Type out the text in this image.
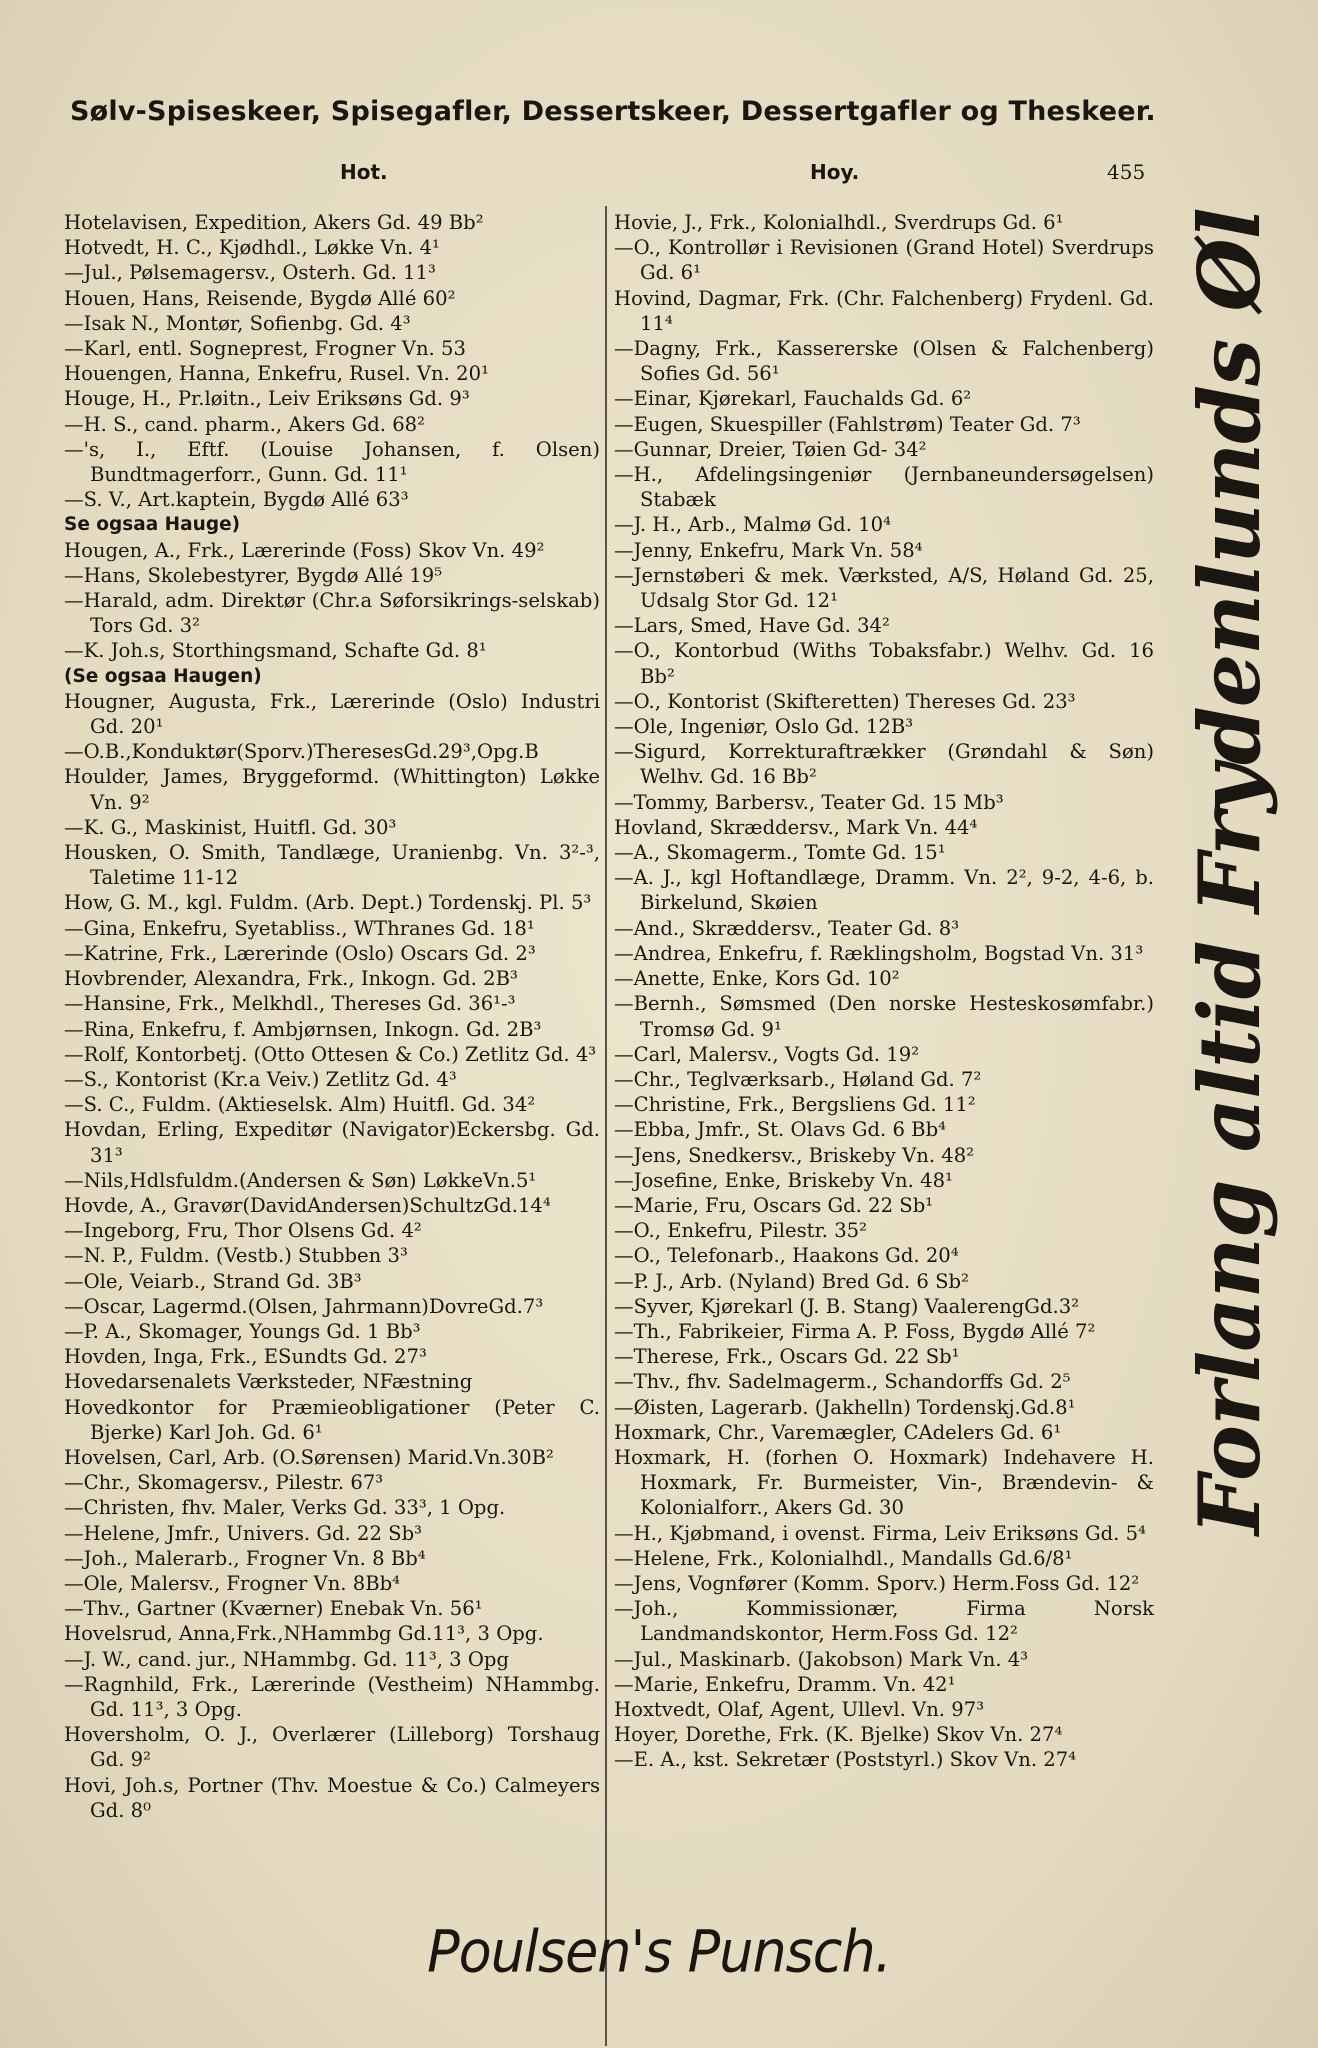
Sølv-Spiseskeer, Spisegafler, Dessertskeer, Dessertgafler og Theskeer.
Hot.	Hoy.	455
Hotelavisen, Expedition, Akers Gd. 49 Bb²
Hotvedt, H. C., Kjødhdl., Løkke Vn. 4¹
—Jul., Pølsemagersv., Osterh. Gd. 11³
Houen, Hans, Reisende, Bygdø Allé 60²
—Isak N., Montør, Sofienbg. Gd. 4³
—Karl, entl. Sogneprest, Frogner Vn. 53
Houengen, Hanna, Enkefru, Rusel. Vn. 20¹
Houge, H., Pr.løitn., Leiv Eriksøns Gd. 9³
—H. S., cand. pharm., Akers Gd. 68²
—'s, I., Eftf. (Louise Johansen, f. Olsen) Bundtmagerforr., Gunn. Gd. 11¹
—S. V., Art.kaptein, Bygdø Allé 63³
Se ogsaa Hauge)
Hougen, A., Frk., Lærerinde (Foss) Skov Vn. 49²
—Hans, Skolebestyrer, Bygdø Allé 19⁵
—Harald, adm. Direktør (Chr.a Søforsikrings-selskab) Tors Gd. 3²
—K. Joh.s, Storthingsmand, Schafte Gd. 8¹
(Se ogsaa Haugen)
Hougner, Augusta, Frk., Lærerinde (Oslo) Industri Gd. 20¹
—O.B.,Konduktør(Sporv.)TheresesGd.29³,Opg.B
Houlder, James, Bryggeformd. (Whittington) Løkke Vn. 9²
—K. G., Maskinist, Huitfl. Gd. 30³
Housken, O. Smith, Tandlæge, Uranienbg. Vn. 3²-³, Taletime 11-12
How, G. M., kgl. Fuldm. (Arb. Dept.) Tordenskj. Pl. 5³
—Gina, Enkefru, Syetabliss., WThranes Gd. 18¹
—Katrine, Frk., Lærerinde (Oslo) Oscars Gd. 2³
Hovbrender, Alexandra, Frk., Inkogn. Gd. 2B³
—Hansine, Frk., Melkhdl., Thereses Gd. 36¹-³
—Rina, Enkefru, f. Ambjørnsen, Inkogn. Gd. 2B³
—Rolf, Kontorbetj. (Otto Ottesen & Co.) Zetlitz Gd. 4³
—S., Kontorist (Kr.a Veiv.) Zetlitz Gd. 4³
—S. C., Fuldm. (Aktieselsk. Alm) Huitfl. Gd. 34²
Hovdan, Erling, Expeditør (Navigator)Eckersbg. Gd. 31³
—Nils,Hdlsfuldm.(Andersen & Søn) LøkkeVn.5¹
Hovde, A., Gravør(DavidAndersen)SchultzGd.14⁴
—Ingeborg, Fru, Thor Olsens Gd. 4²
—N. P., Fuldm. (Vestb.) Stubben 3³
—Ole, Veiarb., Strand Gd. 3B³
—Oscar, Lagermd.(Olsen, Jahrmann)DovreGd.7³
—P. A., Skomager, Youngs Gd. 1 Bb³
Hovden, Inga, Frk., ESundts Gd. 27³
Hovedarsenalets Værksteder, NFæstning
Hovedkontor for Præmieobligationer (Peter C. Bjerke) Karl Joh. Gd. 6¹
Hovelsen, Carl, Arb. (O.Sørensen) Marid.Vn.30B²
—Chr., Skomagersv., Pilestr. 67³
—Christen, fhv. Maler, Verks Gd. 33³, 1 Opg.
—Helene, Jmfr., Univers. Gd. 22 Sb³
—Joh., Malerarb., Frogner Vn. 8 Bb⁴
—Ole, Malersv., Frogner Vn. 8Bb⁴
—Thv., Gartner (Kværner) Enebak Vn. 56¹
Hovelsrud, Anna,Frk.,NHammbg Gd.11³, 3 Opg.
—J. W., cand. jur., NHammbg. Gd. 11³, 3 Opg
—Ragnhild, Frk., Lærerinde (Vestheim) NHammbg. Gd. 11³, 3 Opg.
Hoversholm, O. J., Overlærer (Lilleborg) Torshaug Gd. 9²
Hovi, Joh.s, Portner (Thv. Moestue & Co.) Calmeyers Gd. 8⁰
Hovie, J., Frk., Kolonialhdl., Sverdrups Gd. 6¹
—O., Kontrollør i Revisionen (Grand Hotel) Sverdrups Gd. 6¹
Hovind, Dagmar, Frk. (Chr. Falchenberg) Frydenl. Gd. 11⁴
—Dagny, Frk., Kassererske (Olsen & Falchenberg) Sofies Gd. 56¹
—Einar, Kjørekarl, Fauchalds Gd. 6²
—Eugen, Skuespiller (Fahlstrøm) Teater Gd. 7³
—Gunnar, Dreier, Tøien Gd- 34²
—H., Afdelingsingeniør (Jernbaneundersøgelsen) Stabæk
—J. H., Arb., Malmø Gd. 10⁴
—Jenny, Enkefru, Mark Vn. 58⁴
—Jernstøberi & mek. Værksted, A/S, Høland Gd. 25, Udsalg Stor Gd. 12¹
—Lars, Smed, Have Gd. 34²
—O., Kontorbud (Withs Tobaksfabr.) Welhv. Gd. 16 Bb²
—O., Kontorist (Skifteretten) Thereses Gd. 23³
—Ole, Ingeniør, Oslo Gd. 12B³
—Sigurd, Korrekturaftrækker (Grøndahl & Søn) Welhv. Gd. 16 Bb²
—Tommy, Barbersv., Teater Gd. 15 Mb³
Hovland, Skræddersv., Mark Vn. 44⁴
—A., Skomagerm., Tomte Gd. 15¹
—A. J., kgl Hoftandlæge, Dramm. Vn. 2², 9-2, 4-6, b. Birkelund, Skøien
—And., Skræddersv., Teater Gd. 8³
—Andrea, Enkefru, f. Ræklingsholm, Bogstad Vn. 31³
—Anette, Enke, Kors Gd. 10²
—Bernh., Sømsmed (Den norske Hesteskosømfabr.) Tromsø Gd. 9¹
—Carl, Malersv., Vogts Gd. 19²
—Chr., Teglværksarb., Høland Gd. 7²
—Christine, Frk., Bergsliens Gd. 11²
—Ebba, Jmfr., St. Olavs Gd. 6 Bb⁴
—Jens, Snedkersv., Briskeby Vn. 48²
—Josefine, Enke, Briskeby Vn. 48¹
—Marie, Fru, Oscars Gd. 22 Sb¹
—O., Enkefru, Pilestr. 35²
—O., Telefonarb., Haakons Gd. 20⁴
—P. J., Arb. (Nyland) Bred Gd. 6 Sb²
—Syver, Kjørekarl (J. B. Stang) VaalerengGd.3²
—Th., Fabrikeier, Firma A. P. Foss, Bygdø Allé 7²
—Therese, Frk., Oscars Gd. 22 Sb¹
—Thv., fhv. Sadelmagerm., Schandorffs Gd. 2⁵
—Øisten, Lagerarb. (Jakhelln) Tordenskj.Gd.8¹
Hoxmark, Chr., Varemægler, CAdelers Gd. 6¹
Hoxmark, H. (forhen O. Hoxmark) Indehavere H. Hoxmark, Fr. Burmeister, Vin-, Brændevin- & Kolonialforr., Akers Gd. 30
—H., Kjøbmand, i ovenst. Firma, Leiv Eriksøns Gd. 5⁴
—Helene, Frk., Kolonialhdl., Mandalls Gd.6/8¹
—Jens, Vognfører (Komm. Sporv.) Herm.Foss Gd. 12²
—Joh., Kommissionær, Firma Norsk Landmandskontor, Herm.Foss Gd. 12²
—Jul., Maskinarb. (Jakobson) Mark Vn. 4³
—Marie, Enkefru, Dramm. Vn. 42¹
Hoxtvedt, Olaf, Agent, Ullevl. Vn. 97³
Hoyer, Dorethe, Frk. (K. Bjelke) Skov Vn. 27⁴
—E. A., kst. Sekretær (Poststyrl.) Skov Vn. 27⁴
Forlang altid Frydenlunds Øl
Poulsen's Punsch.
